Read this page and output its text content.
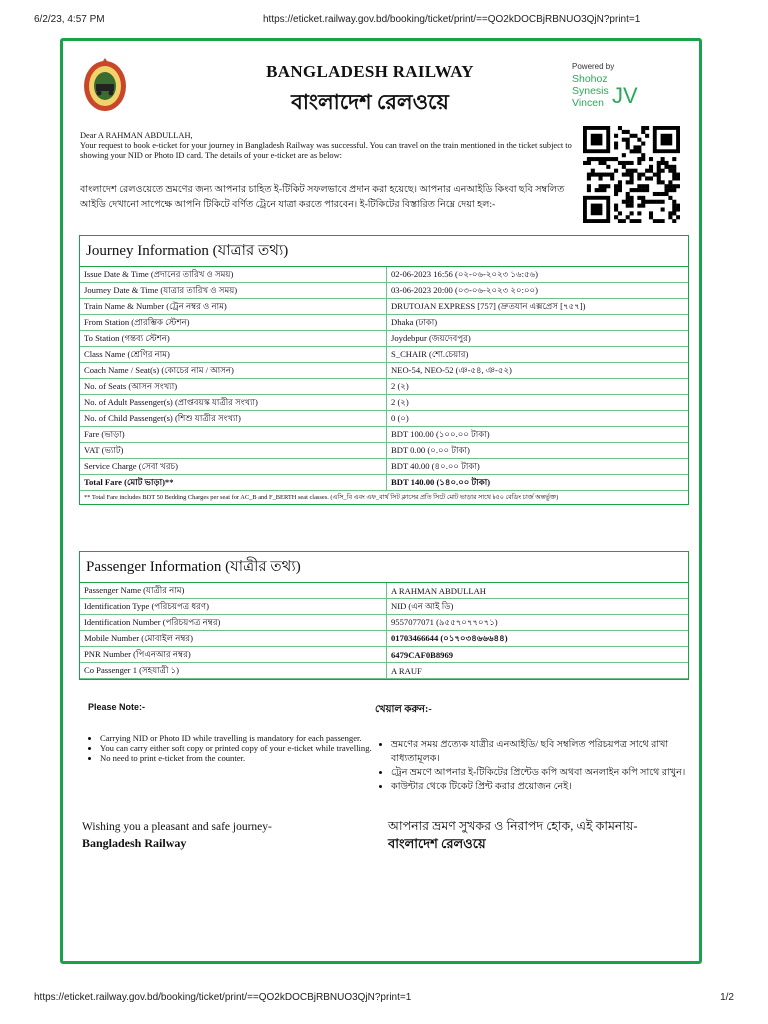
6/2/23, 4:57 PM	https://eticket.railway.gov.bd/booking/ticket/print/==QO2kDOCBjRBNUO3QjN?print=1
BANGLADESH RAILWAY
বাংলাদেশ রেলওয়ে
Powered by
Shohoz
Synesis
Vincen JV

Dear A RAHMAN ABDULLAH,

Your request to book e-ticket for your journey in Bangladesh Railway was successful. You can travel on the train mentioned in the ticket subject to showing your NID or Photo ID card. The details of your e-ticket are as below:

বাংলাদেশ রেলওয়েতে ভ্রমণের জন্য আপনার চাহিত ই-টিকিট সফলভাবে প্রদান করা হয়েছে। আপনার এনআইডি কিংবা ছবি সম্বলিত আইডি দেখানো সাপেক্ষে আপনি টিকিটে বর্ণিত ট্রেনে যাত্রা করতে পারবেন। ই-টিকিটের বিস্তারিত নিম্নে দেয়া হল:-
Journey Information (যাত্রার তথ্য)
Issue Date & Time (প্রদানের তারিখ ও সময়)	02-06-2023 16:56 (০২-০৬-২০২৩ ১৬:৫৬)
Journey Date & Time (যাত্রার তারিখ ও সময়)	03-06-2023 20:00 (০৩-০৬-২০২৩ ২০:০০)
Train Name & Number (ট্রেন নম্বর ও নাম)	DRUTOJAN EXPRESS [757] (দ্রুতযান এক্সপ্রেস [৭৫৭])
From Station (প্রারম্ভিক স্টেশন)	Dhaka (ঢাকা)
To Station (গন্তব্য স্টেশন)	Joydebpur (জয়দেবপুর)
Class Name (শ্রেণির নাম)	S_CHAIR (শো.চেয়ার)
Coach Name / Seat(s) (কোচের নাম / আসন)	NEO-54, NEO-52 (ঞ-৫৪, ঞ-৫২)
No. of Seats (আসন সংখ্যা)	2 (২)
No. of Adult Passenger(s) (প্রাপ্তবয়স্ক যাত্রীর সংখ্যা)	2 (২)
No. of Child Passenger(s) (শিশু যাত্রীর সংখ্যা)	0 (০)
Fare (ভাড়া)	BDT 100.00 (১০০.০০ টাকা)
VAT (ভ্যাট)	BDT 0.00 (০.০০ টাকা)
Service Charge (সেবা খরচ)	BDT 40.00 (৪০.০০ টাকা)
Total Fare (মোট ভাড়া)**	BDT 140.00 (১৪০.০০ টাকা)
** Total Fare includes BDT 50 Bedding Charges per seat for AC_B and F_BERTH seat classes. (এসি_বি এবং এফ_বার্থ সিট ক্লাসের প্রতি সিটে মোট ভাড়ার সাথে ৳৫০ বেডিং চার্জ অন্তর্ভুক্ত)
Passenger Information (যাত্রীর তথ্য)
Passenger Name (যাত্রীর নাম)	A RAHMAN ABDULLAH
Identification Type (পরিচয়পত্র ধরণ)	NID (এন আই ডি)
Identification Number (পরিচয়পত্র নম্বর)	9557077071 (৯৫৫৭০৭৭০৭১)
Mobile Number (মোবাইল নম্বর)	01703466644 (০১৭০৩৪৬৬৬৪৪)
PNR Number (পিএনআর নম্বর)	6479CAF0B8969
Co Passenger 1 (সহযাত্রী ১)	A RAUF
Please Note:-	খেয়াল করুন:-
• Carrying NID or Photo ID while travelling is mandatory for each passenger.
• You can carry either soft copy or printed copy of your e-ticket while travelling.
• No need to print e-ticket from the counter.
• ভ্রমণের সময় প্রত্যেক যাত্রীর এনআইডি/ ছবি সম্বলিত পরিচয়পত্র সাথে রাখা বাধ্যতামূলক।
• ট্রেন ভ্রমণে আপনার ই-টিকিটের প্রিন্টেড কপি অথবা অনলাইন কপি সাথে রাখুন।
• কাউন্টার থেকে টিকেট প্রিন্ট করার প্রয়োজন নেই।
Wishing you a pleasant and safe journey-
Bangladesh Railway
আপনার ভ্রমণ সুখকর ও নিরাপদ হোক, এই কামনায়-
বাংলাদেশ রেলওয়ে
https://eticket.railway.gov.bd/booking/ticket/print/==QO2kDOCBjRBNUO3QjN?print=1	1/2
